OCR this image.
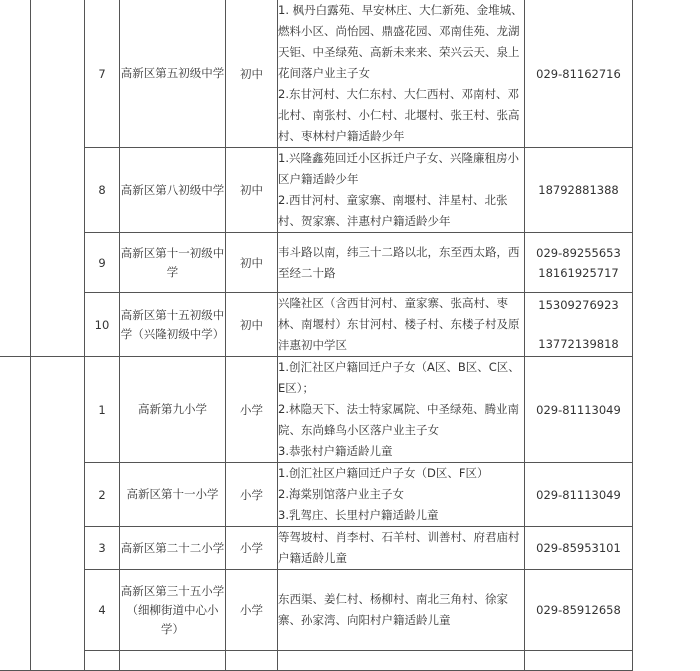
		7	高新区第五初级中学	初中	1. 枫丹白露苑、早安林庄、大仁新苑、金堆城、燃料小区、尚怡园、鼎盛花园、邓南佳苑、龙湖天钜、中圣绿苑、高新未来来、荣兴云天、泉上花间落户业主子女
2.东甘河村、大仁东村、大仁西村、邓南村、邓北村、南张村、小仁村、北堰村、张王村、张高村、枣林村户籍适龄少年	029-81162716

		8	高新区第八初级中学	初中	1.兴隆鑫苑回迁小区拆迁户子女、兴隆廉租房小区户籍适龄少年
2.西甘河村、童家寨、南堰村、沣星村、北张村、贺家寨、沣惠村户籍适龄少年	18792881388

		9	高新区第十一初级中学	初中	韦斗路以南，纬三十二路以北，东至西太路，西至经二十路	029-89255653
18161925717

		10	高新区第十五初级中学（兴隆初级中学）	初中	兴隆社区（含西甘河村、童家寨、张高村、枣林、南堰村）东甘河村、楼子村、东楼子村及原沣惠初中学区	15309276923
13772139818

		1	高新第九小学	小学	1.创汇社区户籍回迁户子女（A区、B区、C区、E区）；
2.林隐天下、法士特家属院、中圣绿苑、腾业南院、东尚蜂鸟小区落户业主子女
3.恭张村户籍适龄儿童	029-81113049

		2	高新区第十一小学	小学	1.创汇社区户籍回迁户子女（D区、F区）
2.海棠别馆落户业主子女
3.乳驾庄、长里村户籍适龄儿童	029-81113049

		3	高新区第二十二小学	小学	等驾坡村、肖李村、石羊村、训善村、府君庙村户籍适龄儿童	029-85953101

		4	高新区第三十五小学（细柳街道中心小学）	小学	东西渠、姜仁村、杨柳村、南北三角村、徐家寨、孙家湾、向阳村户籍适龄儿童	029-85912658
